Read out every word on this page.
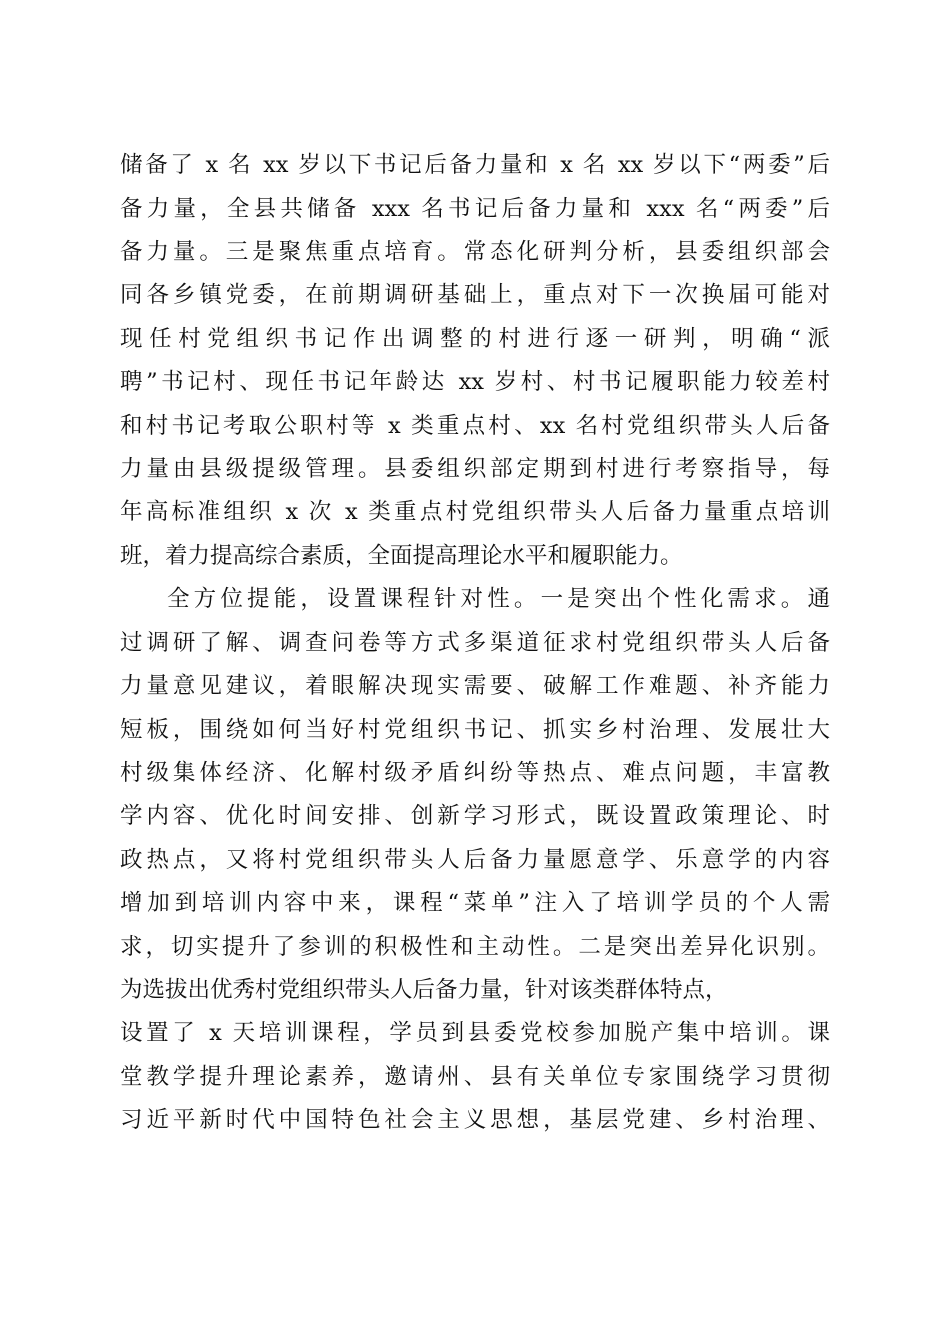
储备了 x 名 xx 岁以下书记后备力量和 x 名 xx 岁以下“两委”后
备力量，全县共储备 xxx 名书记后备力量和 xxx 名“两委”后
备力量。三是聚焦重点培育。常态化研判分析，县委组织部会
同各乡镇党委，在前期调研基础上，重点对下一次换届可能对
现任村党组织书记作出调整的村进行逐一研判，明确“派
聘”书记村、现任书记年龄达 xx 岁村、村书记履职能力较差村
和村书记考取公职村等 x 类重点村、xx 名村党组织带头人后备
力量由县级提级管理。县委组织部定期到村进行考察指导，每
年高标准组织 x 次 x 类重点村党组织带头人后备力量重点培训
班，着力提高综合素质，全面提高理论水平和履职能力。
全方位提能，设置课程针对性。一是突出个性化需求。通
过调研了解、调查问卷等方式多渠道征求村党组织带头人后备
力量意见建议，着眼解决现实需要、破解工作难题、补齐能力
短板，围绕如何当好村党组织书记、抓实乡村治理、发展壮大
村级集体经济、化解村级矛盾纠纷等热点、难点问题，丰富教
学内容、优化时间安排、创新学习形式，既设置政策理论、时
政热点，又将村党组织带头人后备力量愿意学、乐意学的内容
增加到培训内容中来，课程“菜单”注入了培训学员的个人需
求，切实提升了参训的积极性和主动性。二是突出差异化识别。
为选拔出优秀村党组织带头人后备力量，针对该类群体特点，
设置了 x 天培训课程，学员到县委党校参加脱产集中培训。课
堂教学提升理论素养，邀请州、县有关单位专家围绕学习贯彻
习近平新时代中国特色社会主义思想，基层党建、乡村治理、
